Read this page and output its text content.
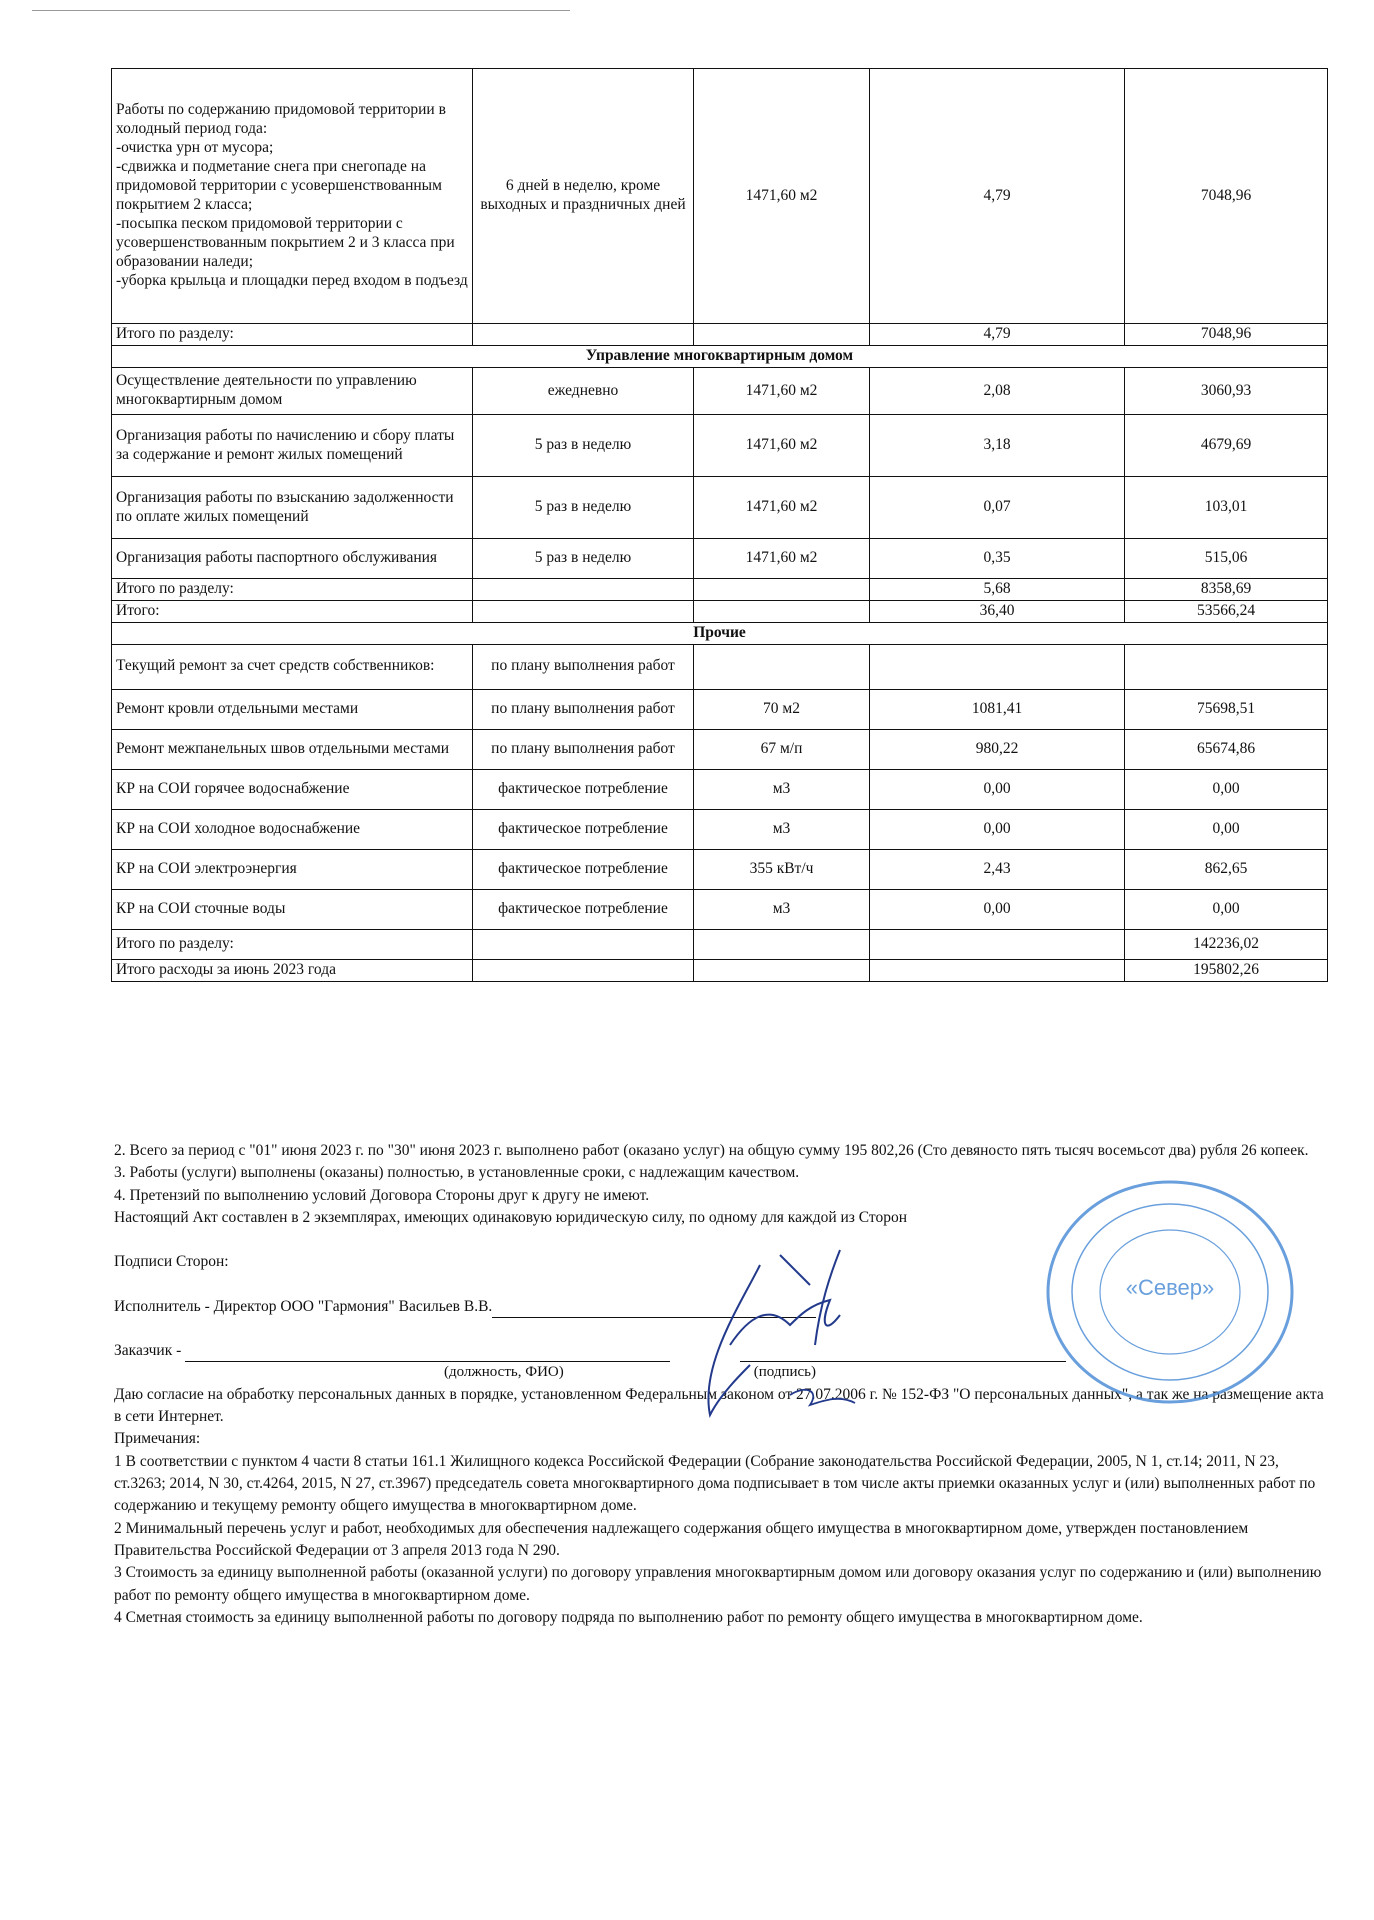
Работы по содержанию придомовой территории в холодный период года:
-очистка урн от мусора;
-сдвижка и подметание снега при снегопаде на придомовой территории с усовершенствованным покрытием 2 класса;
-посыпка песком придомовой территории с усовершенствованным покрытием 2 и 3 класса при образовании наледи;
-уборка крыльца и площадки перед входом в подъезд	6 дней в неделю, кроме выходных и праздничных дней	1471,60 м2	4,79	7048,96
Итого по разделу:			4,79	7048,96
Управление многоквартирным домом				
Осуществление деятельности по управлению многоквартирным домом	ежедневно	1471,60 м2	2,08	3060,93
Организация работы по начислению и сбору платы за содержание и ремонт жилых помещений	5 раз в неделю	1471,60 м2	3,18	4679,69
Организация работы по взысканию задолженности по оплате жилых помещений	5 раз в неделю	1471,60 м2	0,07	103,01
Организация работы паспортного обслуживания	5 раз в неделю	1471,60 м2	0,35	515,06
Итого по разделу:			5,68	8358,69
Итого:			36,40	53566,24
Прочие				
Текущий ремонт за счет средств собственников:	по плану выполнения работ			
Ремонт кровли отдельными местами	по плану выполнения работ	70 м2	1081,41	75698,51
Ремонт межпанельных швов отдельными местами	по плану выполнения работ	67 м/п	980,22	65674,86
КР на СОИ горячее водоснабжение	фактическое потребление	м3	0,00	0,00
КР на СОИ холодное водоснабжение	фактическое потребление	м3	0,00	0,00
КР на СОИ электроэнергия	фактическое потребление	355 кВт/ч	2,43	862,65
КР на СОИ сточные воды	фактическое потребление	м3	0,00	0,00
Итого по разделу:				142236,02
Итого расходы за июнь 2023 года				195802,26

2. Всего за период с "01" июня 2023 г. по "30" июня 2023 г. выполнено работ (оказано услуг) на общую сумму 195 802,26 (Сто девяносто пять тысяч восемьсот два) рубля 26 копеек.

3. Работы (услуги) выполнены (оказаны) полностью, в установленные сроки, с надлежащим качеством.

4. Претензий по выполнению условий Договора Стороны друг к другу не имеют.

Настоящий Акт составлен в 2 экземплярах, имеющих одинаковую юридическую силу, по одному для каждой из Сторон

Подписи Сторон:

Исполнитель - Директор ООО "Гармония" Васильев В.В.

Заказчик -

(должность, ФИО)	(подпись)

Даю согласие на обработку персональных данных в порядке, установленном Федеральным законом от 27.07.2006 г. № 152-ФЗ "О персональных данных", а так же на размещение акта в сети Интернет.

Примечания:

1 В соответствии с пунктом 4 части 8 статьи 161.1 Жилищного кодекса Российской Федерации (Собрание законодательства Российской Федерации, 2005, N 1, ст.14; 2011, N 23, ст.3263; 2014, N 30, ст.4264, 2015, N 27, ст.3967) председатель совета многоквартирного дома подписывает в том числе акты приемки оказанных услуг и (или) выполненных работ по содержанию и текущему ремонту общего имущества в многоквартирном доме.

2 Минимальный перечень услуг и работ, необходимых для обеспечения надлежащего содержания общего имущества в многоквартирном доме, утвержден постановлением Правительства Российской Федерации от 3 апреля 2013 года N 290.

3 Стоимость за единицу выполненной работы (оказанной услуги) по договору управления многоквартирным домом или договору оказания услуг по содержанию и (или) выполнению работ по ремонту общего имущества в многоквартирном доме.

4 Сметная стоимость за единицу выполненной работы по договору подряда по выполнению работ по ремонту общего имущества в многоквартирном доме.

«Север»
